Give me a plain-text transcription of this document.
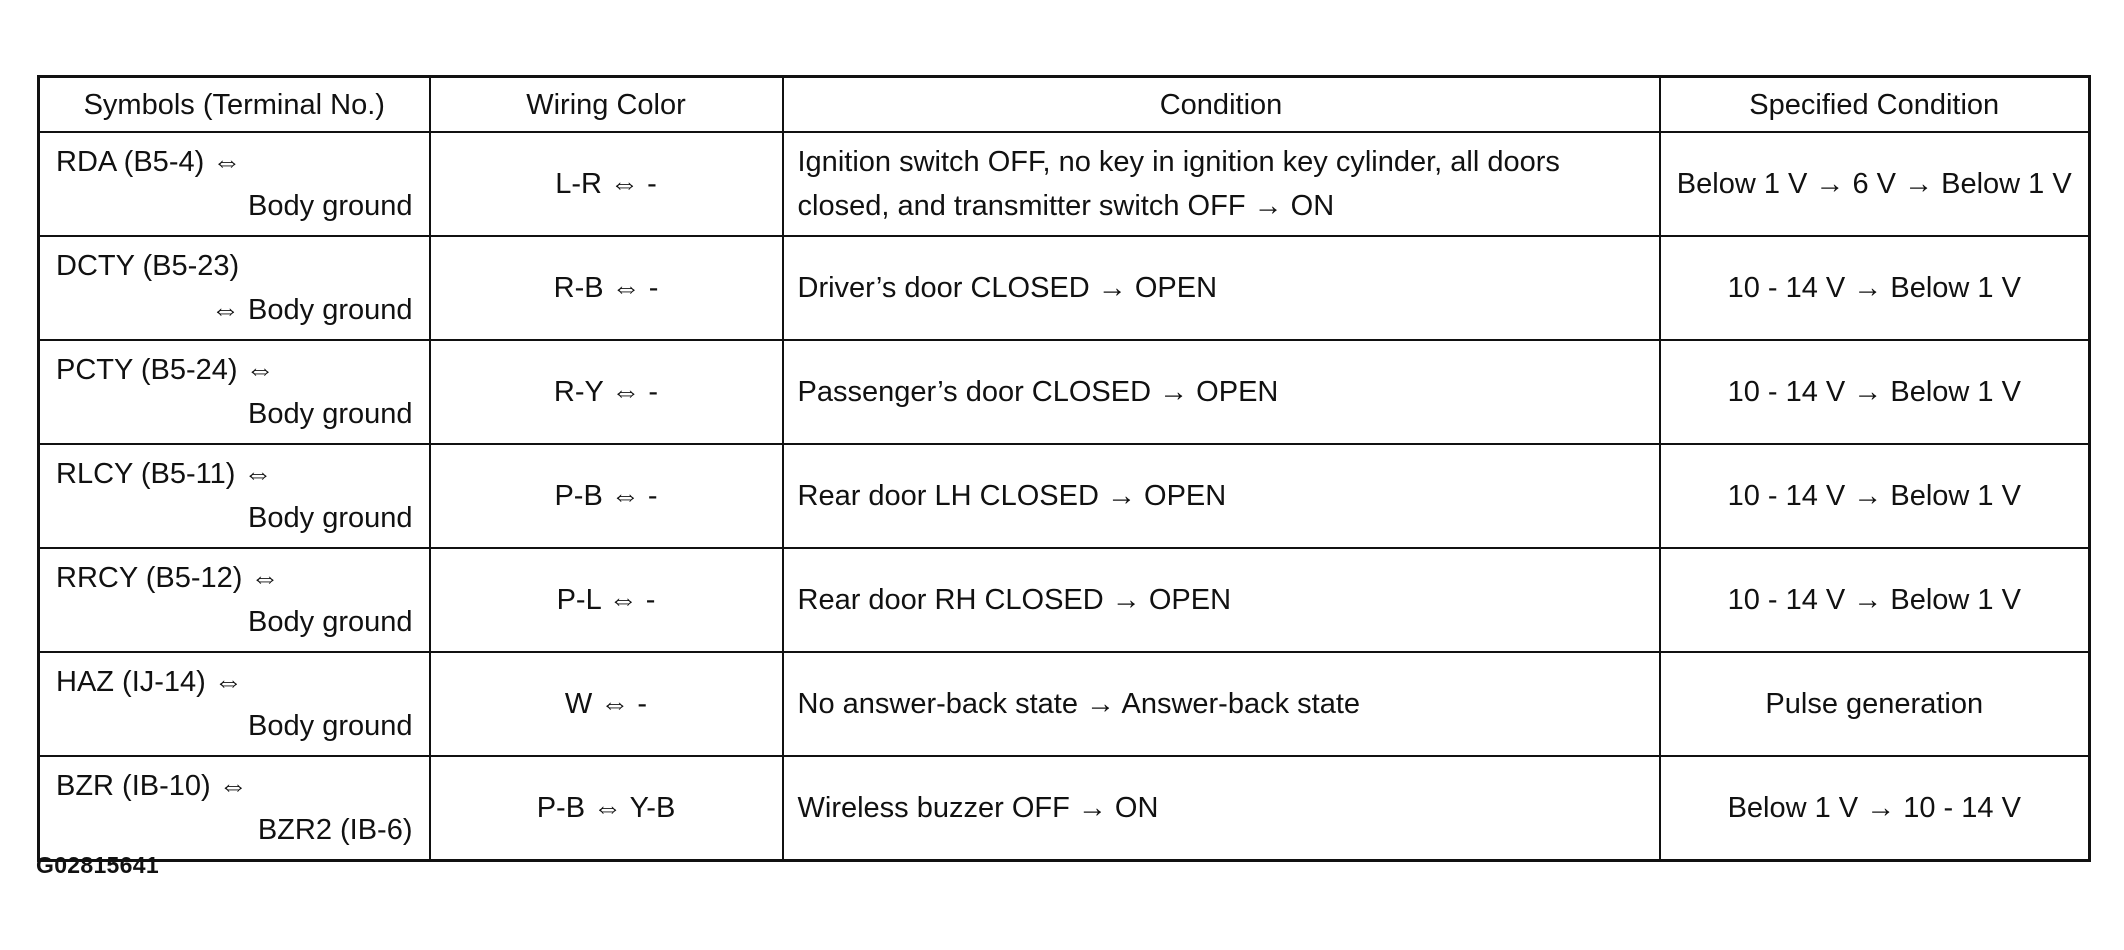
Symbols (Terminal No.)	Wiring Color	Condition	Specified Condition

RDA (B5-4) ⇔
Body ground	L-R ⇔ -	Ignition switch OFF, no key in ignition key cylinder, all doors closed, and transmitter switch OFF → ON	Below 1 V → 6 V → Below 1 V

DCTY (B5-23)
⇔ Body ground	R-B ⇔ -	Driver’s door CLOSED → OPEN	10 - 14 V → Below 1 V

PCTY (B5-24) ⇔
Body ground	R-Y ⇔ -	Passenger’s door CLOSED → OPEN	10 - 14 V → Below 1 V

RLCY (B5-11) ⇔
Body ground	P-B ⇔ -	Rear door LH CLOSED → OPEN	10 - 14 V → Below 1 V

RRCY (B5-12) ⇔
Body ground	P-L ⇔ -	Rear door RH CLOSED → OPEN	10 - 14 V → Below 1 V

HAZ (IJ-14) ⇔
Body ground	W ⇔ -	No answer-back state → Answer-back state	Pulse generation

BZR (IB-10) ⇔
BZR2 (IB-6)	P-B ⇔ Y-B	Wireless buzzer OFF → ON	Below 1 V → 10 - 14 V
G02815641
